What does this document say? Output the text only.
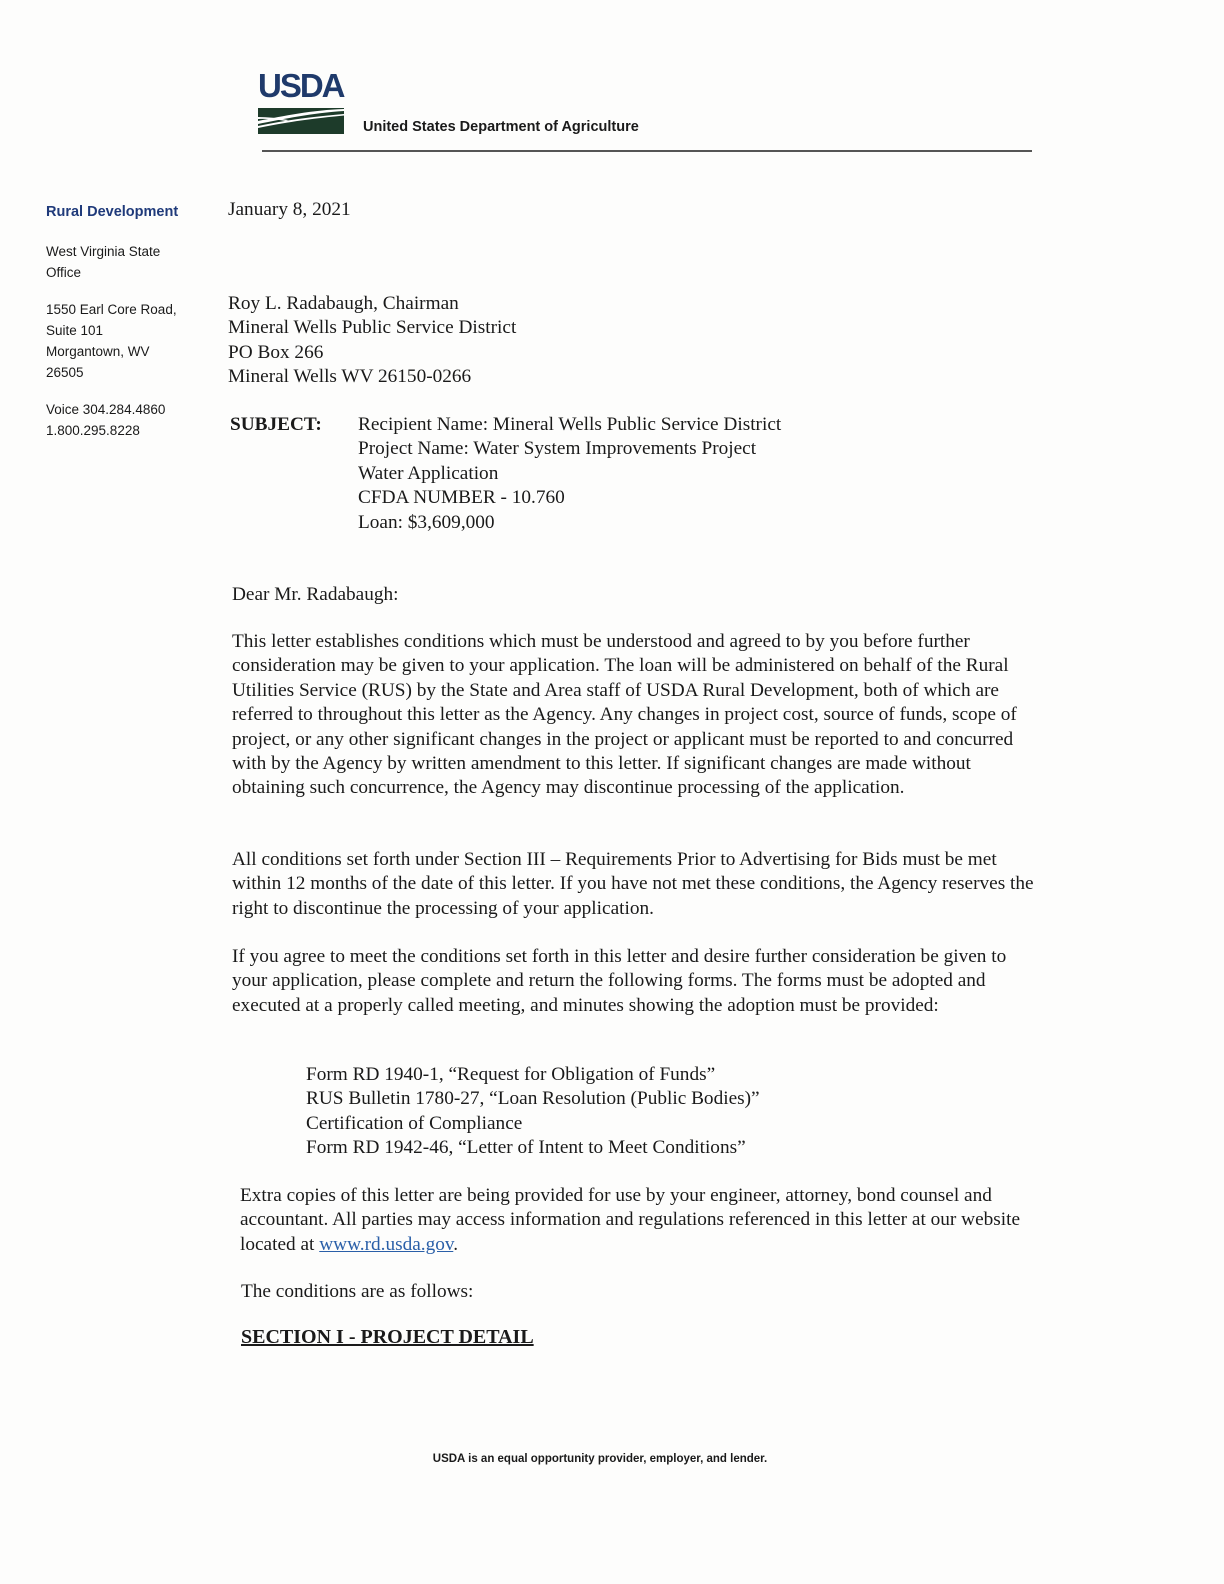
USDA
United States Department of Agriculture
Rural Development
West Virginia State
Office
1550 Earl Core Road,
Suite 101
Morgantown, WV
26505
Voice 304.284.4860
1.800.295.8228
January 8, 2021
Roy L. Radabaugh, Chairman
Mineral Wells Public Service District
PO Box 266
Mineral Wells WV 26150-0266
SUBJECT: Recipient Name: Mineral Wells Public Service District
Project Name: Water System Improvements Project
Water Application
CFDA NUMBER - 10.760
Loan: $3,609,000
Dear Mr. Radabaugh:
This letter establishes conditions which must be understood and agreed to by you before further consideration may be given to your application. The loan will be administered on behalf of the Rural Utilities Service (RUS) by the State and Area staff of USDA Rural Development, both of which are referred to throughout this letter as the Agency. Any changes in project cost, source of funds, scope of project, or any other significant changes in the project or applicant must be reported to and concurred with by the Agency by written amendment to this letter. If significant changes are made without obtaining such concurrence, the Agency may discontinue processing of the application.
All conditions set forth under Section III – Requirements Prior to Advertising for Bids must be met within 12 months of the date of this letter. If you have not met these conditions, the Agency reserves the right to discontinue the processing of your application.
If you agree to meet the conditions set forth in this letter and desire further consideration be given to your application, please complete and return the following forms. The forms must be adopted and executed at a properly called meeting, and minutes showing the adoption must be provided:
Form RD 1940-1, “Request for Obligation of Funds”
RUS Bulletin 1780-27, “Loan Resolution (Public Bodies)”
Certification of Compliance
Form RD 1942-46, “Letter of Intent to Meet Conditions”
Extra copies of this letter are being provided for use by your engineer, attorney, bond counsel and accountant. All parties may access information and regulations referenced in this letter at our website located at www.rd.usda.gov.
The conditions are as follows:
SECTION I - PROJECT DETAIL
USDA is an equal opportunity provider, employer, and lender.
